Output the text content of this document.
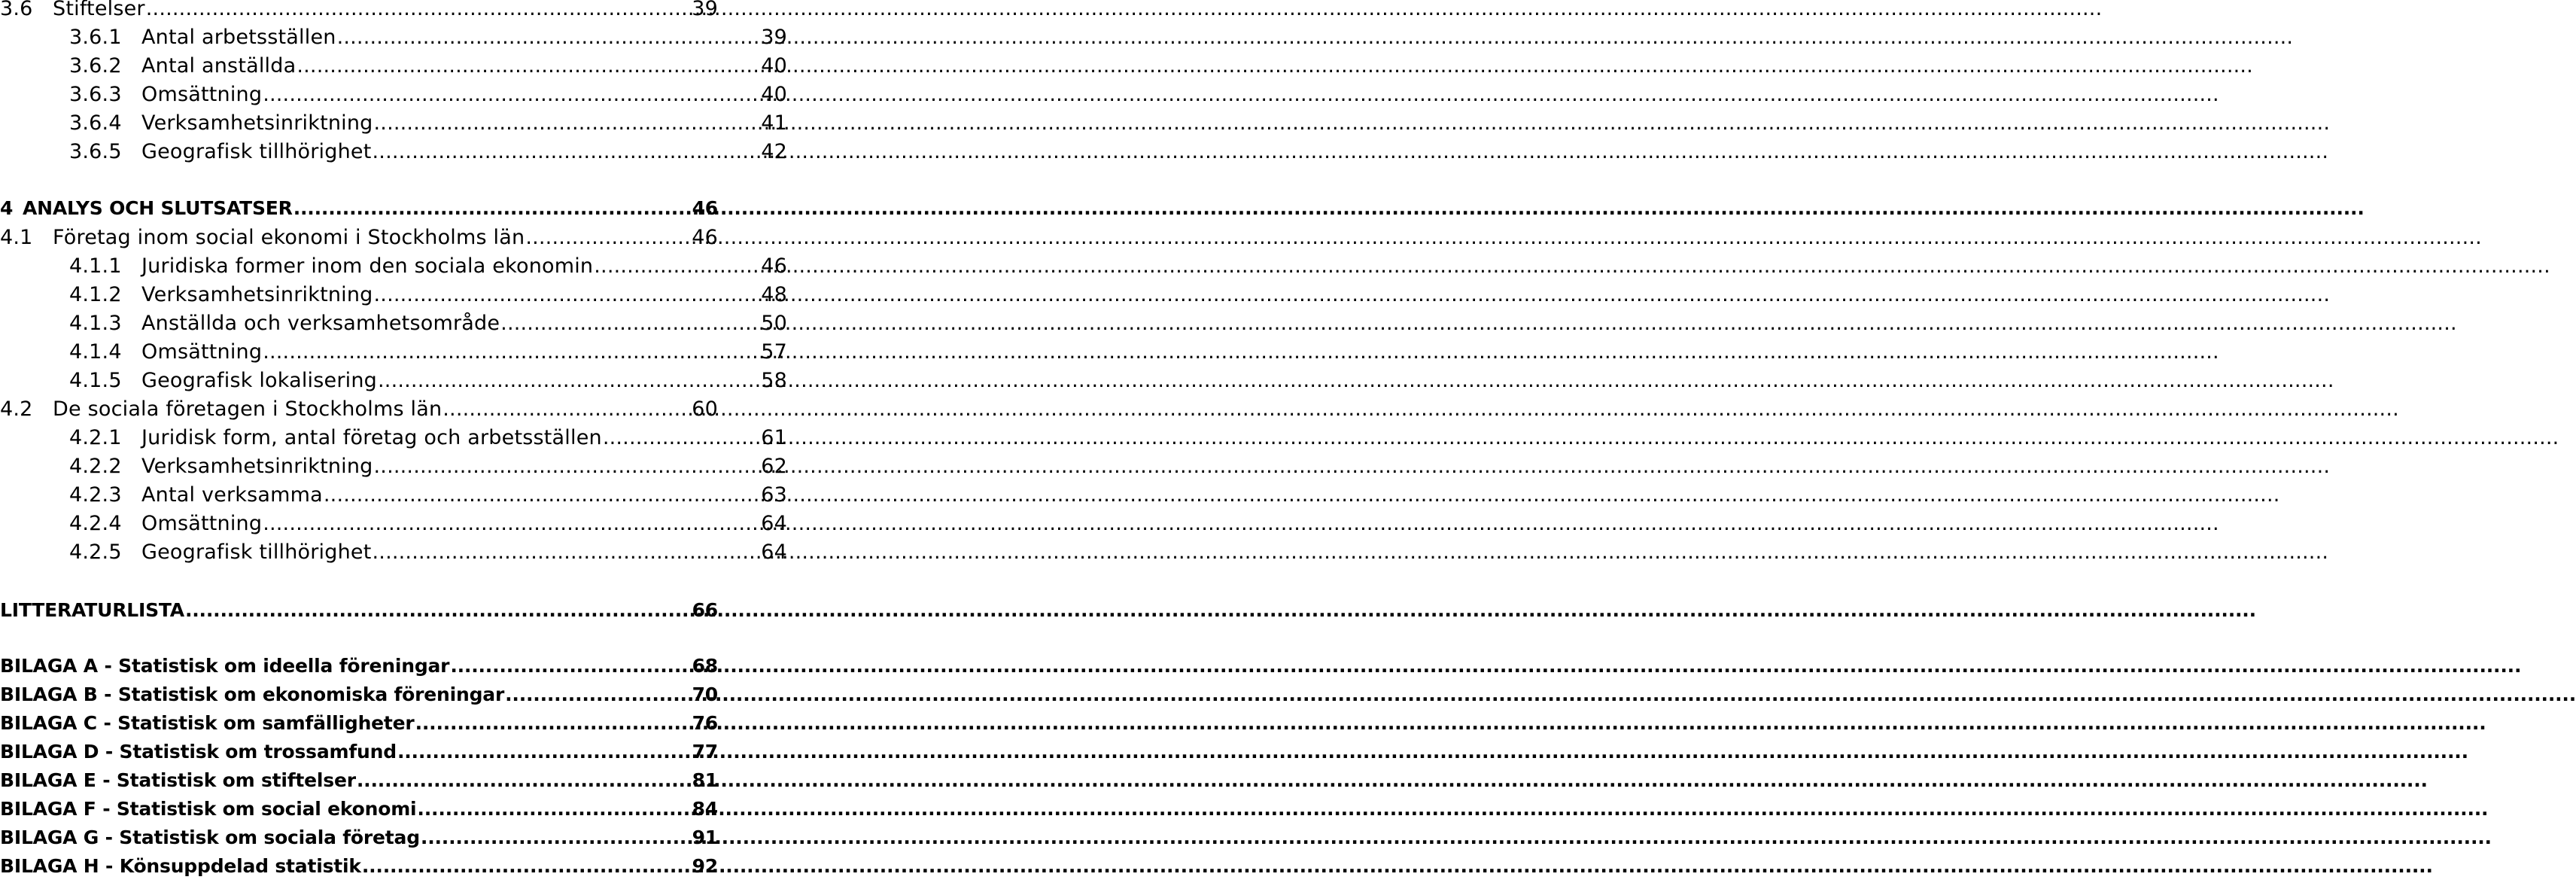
3.6 Stiftelser .....	39
3.6.1 Antal arbetsställen .....	39
3.6.2 Antal anställda .....	40
3.6.3 Omsättning .....	40
3.6.4 Verksamhetsinriktning .....	41
3.6.5 Geografisk tillhörighet .....	42
4 ANALYS OCH SLUTSATSER .....	46
4.1 Företag inom social ekonomi i Stockholms län .....	46
4.1.1 Juridiska former inom den sociala ekonomin .....	46
4.1.2 Verksamhetsinriktning .....	48
4.1.3 Anställda och verksamhetsområde .....	50
4.1.4 Omsättning .....	57
4.1.5 Geografisk lokalisering .....	58
4.2 De sociala företagen i Stockholms län .....	60
4.2.1 Juridisk form, antal företag och arbetsställen .....	61
4.2.2 Verksamhetsinriktning .....	62
4.2.3 Antal verksamma .....	63
4.2.4 Omsättning .....	64
4.2.5 Geografisk tillhörighet .....	64
LITTERATURLISTA .....	66
BILAGA A - Statistisk om ideella föreningar .....	68
BILAGA B - Statistisk om ekonomiska föreningar .....	70
BILAGA C - Statistisk om samfälligheter .....	76
BILAGA D - Statistisk om trossamfund .....	77
BILAGA E - Statistisk om stiftelser .....	81
BILAGA F - Statistisk om social ekonomi .....	84
BILAGA G - Statistisk om sociala företag .....	91
BILAGA H - Könsuppdelad statistik .....	92
